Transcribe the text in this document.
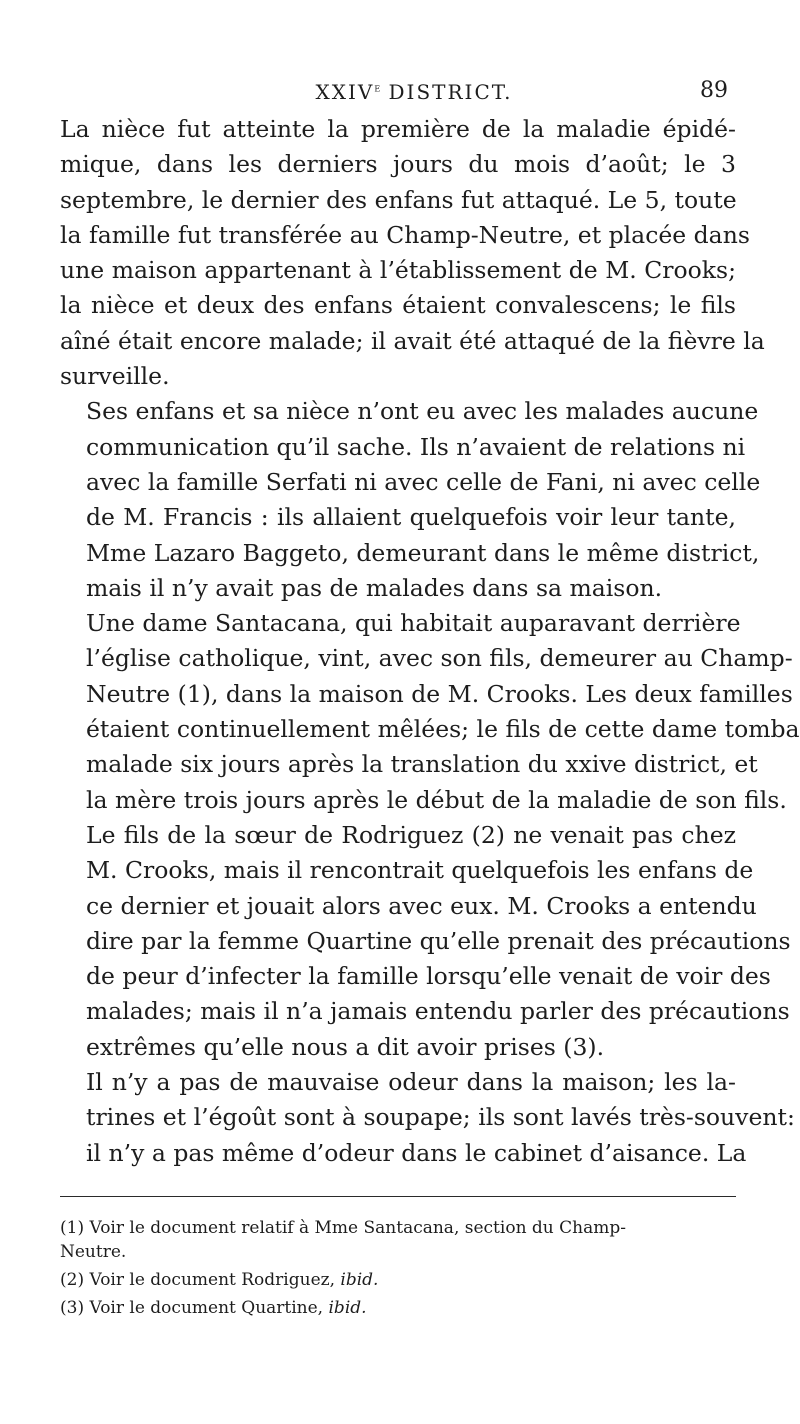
XXIVe DISTRICT.	89
La nièce fut atteinte la première de la maladie épidé-
mique, dans les derniers jours du mois d’août; le 3
septembre, le dernier des enfans fut attaqué. Le 5, toute
la famille fut transférée au Champ-Neutre, et placée dans
une maison appartenant à l’établissement de M. Crooks;
la nièce et deux des enfans étaient convalescens; le fils
aîné était encore malade; il avait été attaqué de la fièvre la
surveille.
Ses enfans et sa nièce n’ont eu avec les malades aucune
communication qu’il sache. Ils n’avaient de relations ni
avec la famille Serfati ni avec celle de Fani, ni avec celle
de M. Francis : ils allaient quelquefois voir leur tante,
Mme Lazaro Baggeto, demeurant dans le même district,
mais il n’y avait pas de malades dans sa maison.
Une dame Santacana, qui habitait auparavant derrière
l’église catholique, vint, avec son fils, demeurer au Champ-
Neutre (1), dans la maison de M. Crooks. Les deux familles
étaient continuellement mêlées; le fils de cette dame tomba
malade six jours après la translation du xxive district, et
la mère trois jours après le début de la maladie de son fils.
Le fils de la sœur de Rodriguez (2) ne venait pas chez
M. Crooks, mais il rencontrait quelquefois les enfans de
ce dernier et jouait alors avec eux. M. Crooks a entendu
dire par la femme Quartine qu’elle prenait des précautions
de peur d’infecter la famille lorsqu’elle venait de voir des
malades; mais il n’a jamais entendu parler des précautions
extrêmes qu’elle nous a dit avoir prises (3).
Il n’y a pas de mauvaise odeur dans la maison; les la-
trines et l’égoût sont à soupape; ils sont lavés très-souvent:
il n’y a pas même d’odeur dans le cabinet d’aisance. La

(1) Voir le document relatif à Mme Santacana, section du Champ-
Neutre.

(2) Voir le document Rodriguez, ibid.

(3) Voir le document Quartine, ibid.
